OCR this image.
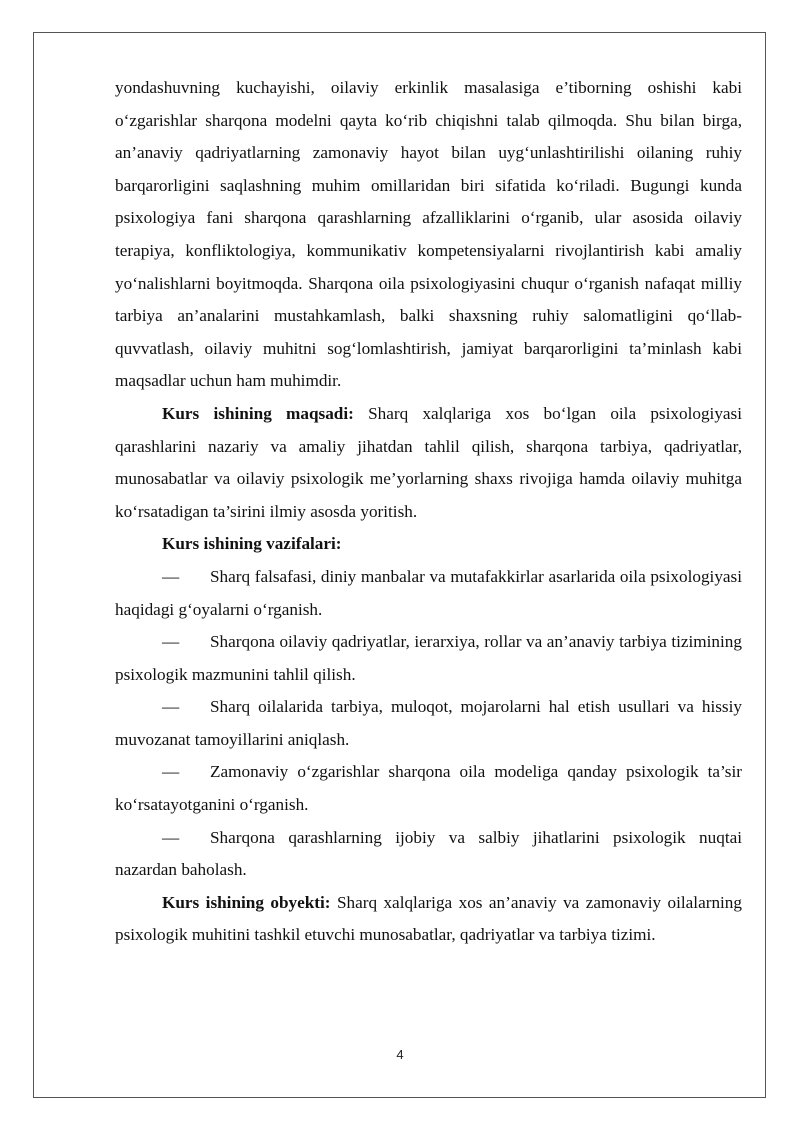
yondashuvning kuchayishi, oilaviy erkinlik masalasiga e’tiborning oshishi kabi o‘zgarishlar sharqona modelni qayta ko‘rib chiqishni talab qilmoqda. Shu bilan birga, an’anaviy qadriyatlarning zamonaviy hayot bilan uyg‘unlashtirilishi oilaning ruhiy barqarorligini saqlashning muhim omillaridan biri sifatida ko‘riladi. Bugungi kunda psixologiya fani sharqona qarashlarning afzalliklarini o‘rganib, ular asosida oilaviy terapiya, konfliktologiya, kommunikativ kompetensiyalarni rivojlantirish kabi amaliy yo‘nalishlarni boyitmoqda. Sharqona oila psixologiyasini chuqur o‘rganish nafaqat milliy tarbiya an’analarini mustahkamlash, balki shaxsning ruhiy salomatligini qo‘llab-quvvatlash, oilaviy muhitni sog‘lomlashtirish, jamiyat barqarorligini ta’minlash kabi maqsadlar uchun ham muhimdir.

Kurs ishining maqsadi: Sharq xalqlariga xos bo‘lgan oila psixologiyasi qarashlarini nazariy va amaliy jihatdan tahlil qilish, sharqona tarbiya, qadriyatlar, munosabatlar va oilaviy psixologik me’yorlarning shaxs rivojiga hamda oilaviy muhitga ko‘rsatadigan ta’sirini ilmiy asosda yoritish.

Kurs ishining vazifalari:

— Sharq falsafasi, diniy manbalar va mutafakkirlar asarlarida oila psixologiyasi haqidagi g‘oyalarni o‘rganish.

— Sharqona oilaviy qadriyatlar, ierarxiya, rollar va an’anaviy tarbiya tizimining psixologik mazmunini tahlil qilish.

— Sharq oilalarida tarbiya, muloqot, mojarolarni hal etish usullari va hissiy muvozanat tamoyillarini aniqlash.

— Zamonaviy o‘zgarishlar sharqona oila modeliga qanday psixologik ta’sir ko‘rsatayotganini o‘rganish.

— Sharqona qarashlarning ijobiy va salbiy jihatlarini psixologik nuqtai nazardan baholash.

Kurs ishining obyekti: Sharq xalqlariga xos an’anaviy va zamonaviy oilalarning psixologik muhitini tashkil etuvchi munosabatlar, qadriyatlar va tarbiya tizimi.

4
